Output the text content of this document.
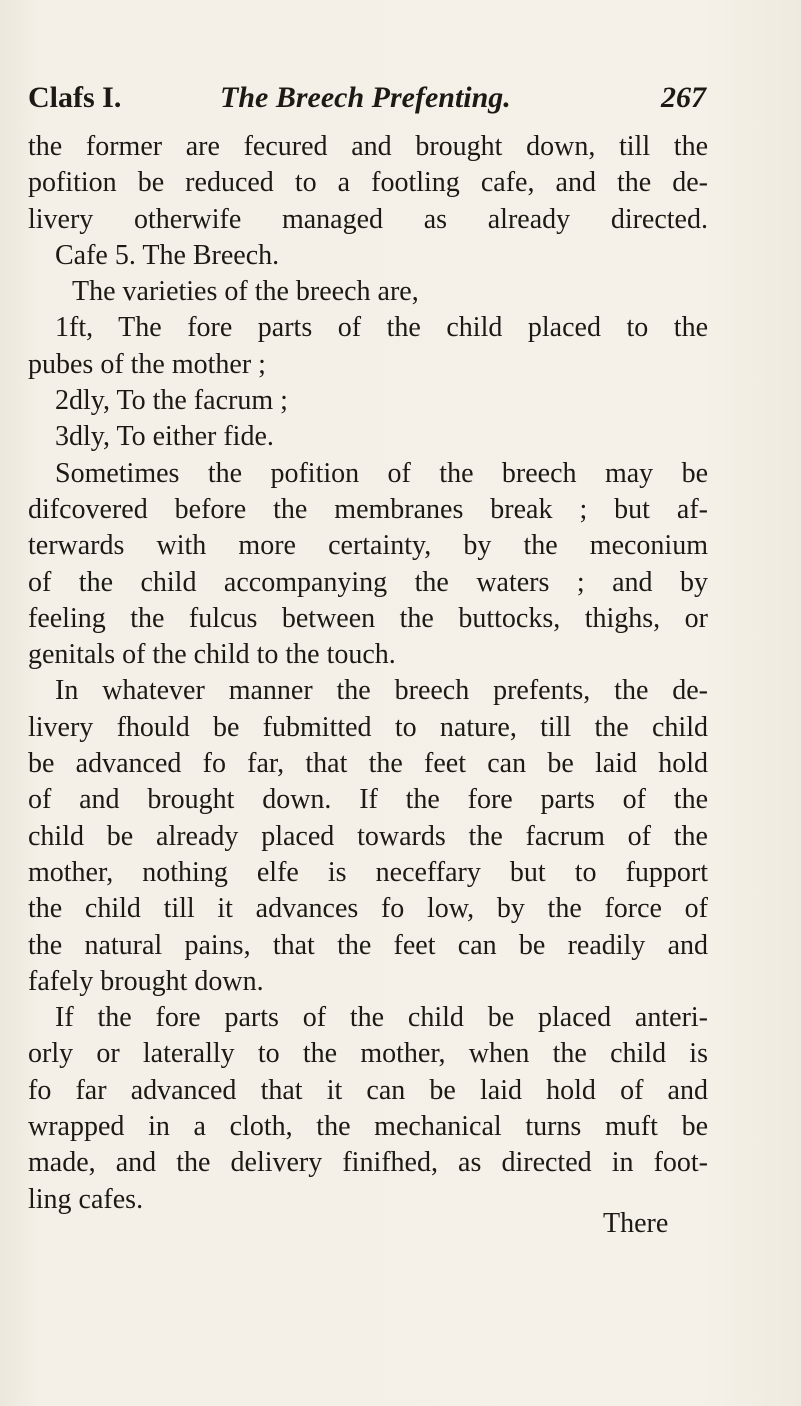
Clafs I.	The Breech Prefenting.	267
the former are fecured and brought down, till the
pofition be reduced to a footling cafe, and the de-
livery otherwife managed as already directed.
Cafe 5. The Breech.
The varieties of the breech are,
1ft, The fore parts of the child placed to the
pubes of the mother ;
2dly, To the facrum ;
3dly, To either fide.
Sometimes the pofition of the breech may be
difcovered before the membranes break ; but af-
terwards with more certainty, by the meconium
of the child accompanying the waters ; and by
feeling the fulcus between the buttocks, thighs, or
genitals of the child to the touch.
In whatever manner the breech prefents, the de-
livery fhould be fubmitted to nature, till the child
be advanced fo far, that the feet can be laid hold
of and brought down. If the fore parts of the
child be already placed towards the facrum of the
mother, nothing elfe is neceffary but to fupport
the child till it advances fo low, by the force of
the natural pains, that the feet can be readily and
fafely brought down.
If the fore parts of the child be placed anteri-
orly or laterally to the mother, when the child is
fo far advanced that it can be laid hold of and
wrapped in a cloth, the mechanical turns muft be
made, and the delivery finifhed, as directed in foot-
ling cafes.
There
